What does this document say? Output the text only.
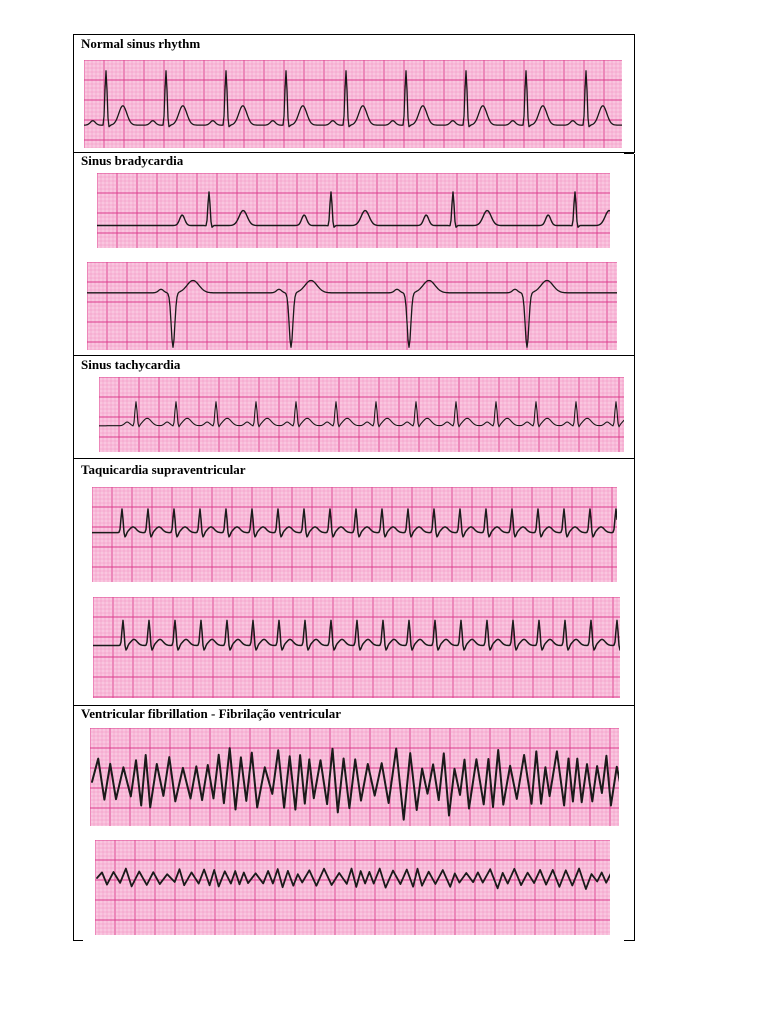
Normal sinus rhythm
Sinus bradycardia
Sinus tachycardia
Taquicardia supraventricular
Ventricular fibrillation - Fibrilação ventricular
